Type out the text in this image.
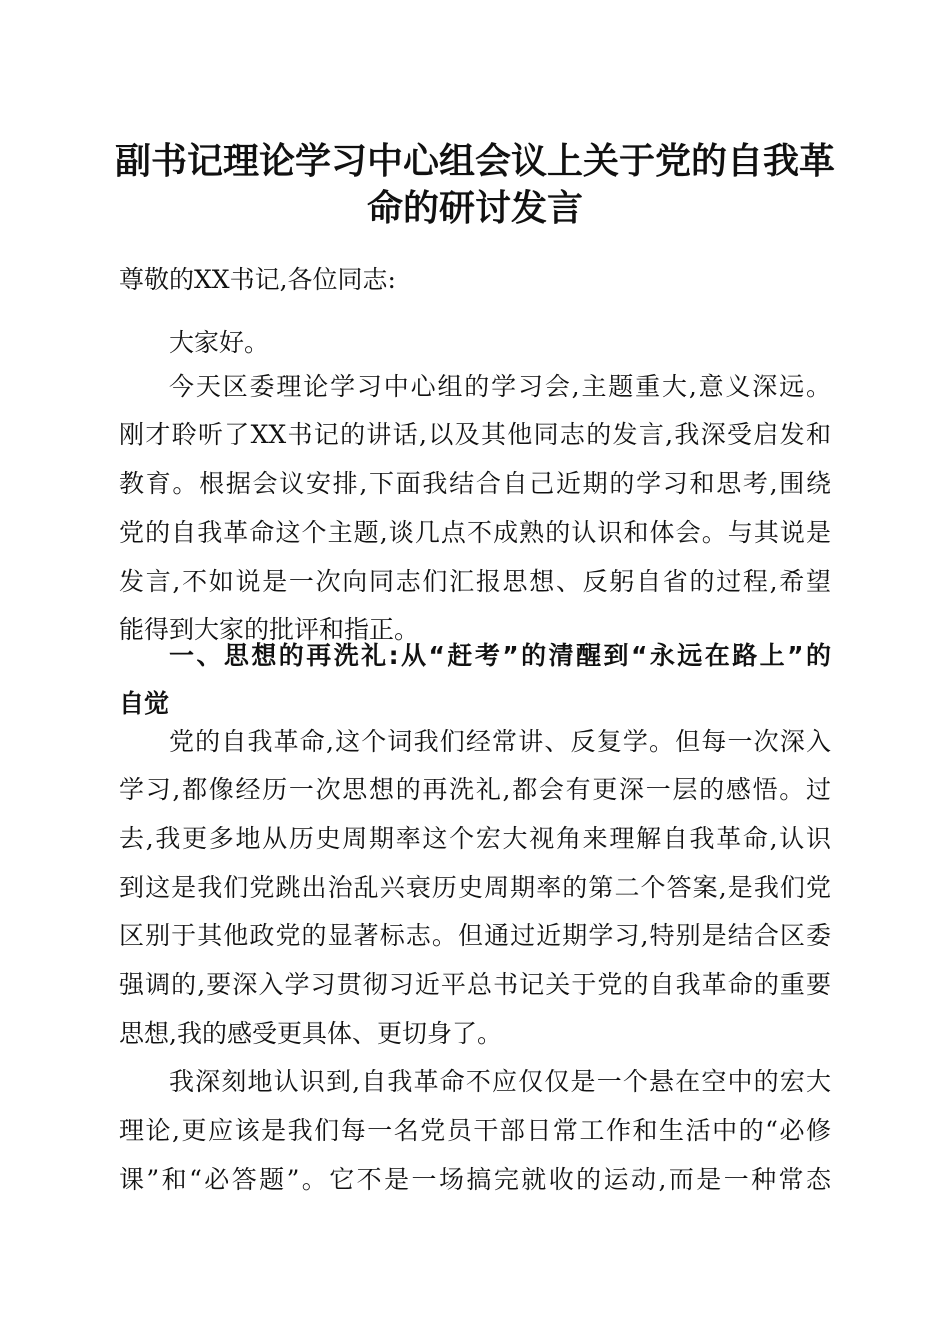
副书记理论学习中心组会议上关于党的自我革
命的研讨发言

尊敬的XX书记,各位同志:

大家好。

今天区委理论学习中心组的学习会,主题重大,意义深远。

刚才聆听了XX书记的讲话,以及其他同志的发言,我深受启发和

教育。根据会议安排,下面我结合自己近期的学习和思考,围绕

党的自我革命这个主题,谈几点不成熟的认识和体会。与其说是

发言,不如说是一次向同志们汇报思想、反躬自省的过程,希望

能得到大家的批评和指正。

一、思想的再洗礼:从“赶考”的清醒到“永远在路上”的

自觉

党的自我革命,这个词我们经常讲、反复学。但每一次深入

学习,都像经历一次思想的再洗礼,都会有更深一层的感悟。过

去,我更多地从历史周期率这个宏大视角来理解自我革命,认识

到这是我们党跳出治乱兴衰历史周期率的第二个答案,是我们党

区别于其他政党的显著标志。但通过近期学习,特别是结合区委

强调的,要深入学习贯彻习近平总书记关于党的自我革命的重要

思想,我的感受更具体、更切身了。

我深刻地认识到,自我革命不应仅仅是一个悬在空中的宏大

理论,更应该是我们每一名党员干部日常工作和生活中的“必修

课”和“必答题”。它不是一场搞完就收的运动,而是一种常态
